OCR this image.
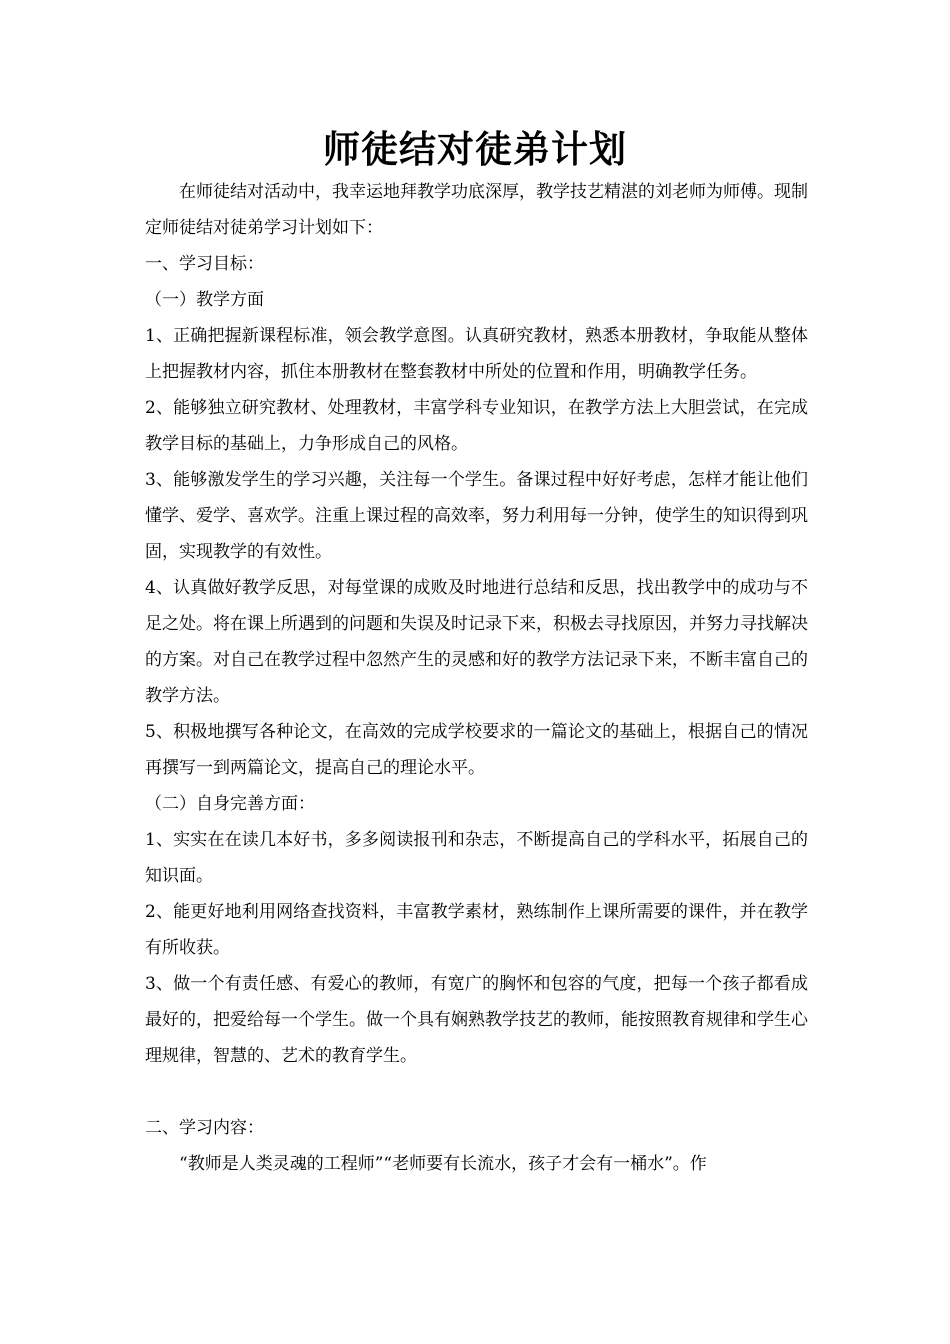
师徒结对徒弟计划

在师徒结对活动中，我幸运地拜教学功底深厚，教学技艺精湛的刘老师为师傅。现制定师徒结对徒弟学习计划如下：

一、学习目标：

（一）教学方面

1、正确把握新课程标准，领会教学意图。认真研究教材，熟悉本册教材，争取能从整体上把握教材内容，抓住本册教材在整套教材中所处的位置和作用，明确教学任务。

2、能够独立研究教材、处理教材，丰富学科专业知识，在教学方法上大胆尝试，在完成教学目标的基础上，力争形成自己的风格。

3、能够激发学生的学习兴趣，关注每一个学生。备课过程中好好考虑，怎样才能让他们懂学、爱学、喜欢学。注重上课过程的高效率，努力利用每一分钟，使学生的知识得到巩固，实现教学的有效性。

4、认真做好教学反思，对每堂课的成败及时地进行总结和反思，找出教学中的成功与不足之处。将在课上所遇到的问题和失误及时记录下来，积极去寻找原因，并努力寻找解决的方案。对自己在教学过程中忽然产生的灵感和好的教学方法记录下来，不断丰富自己的教学方法。

5、积极地撰写各种论文，在高效的完成学校要求的一篇论文的基础上，根据自己的情况再撰写一到两篇论文，提高自己的理论水平。

（二）自身完善方面：

1、实实在在读几本好书，多多阅读报刊和杂志，不断提高自己的学科水平，拓展自己的知识面。

2、能更好地利用网络查找资料，丰富教学素材，熟练制作上课所需要的课件，并在教学有所收获。

3、做一个有责任感、有爱心的教师，有宽广的胸怀和包容的气度，把每一个孩子都看成最好的，把爱给每一个学生。做一个具有娴熟教学技艺的教师，能按照教育规律和学生心理规律，智慧的、艺术的教育学生。

二、学习内容：

“教师是人类灵魂的工程师”“老师要有长流水，孩子才会有一桶水”。作
